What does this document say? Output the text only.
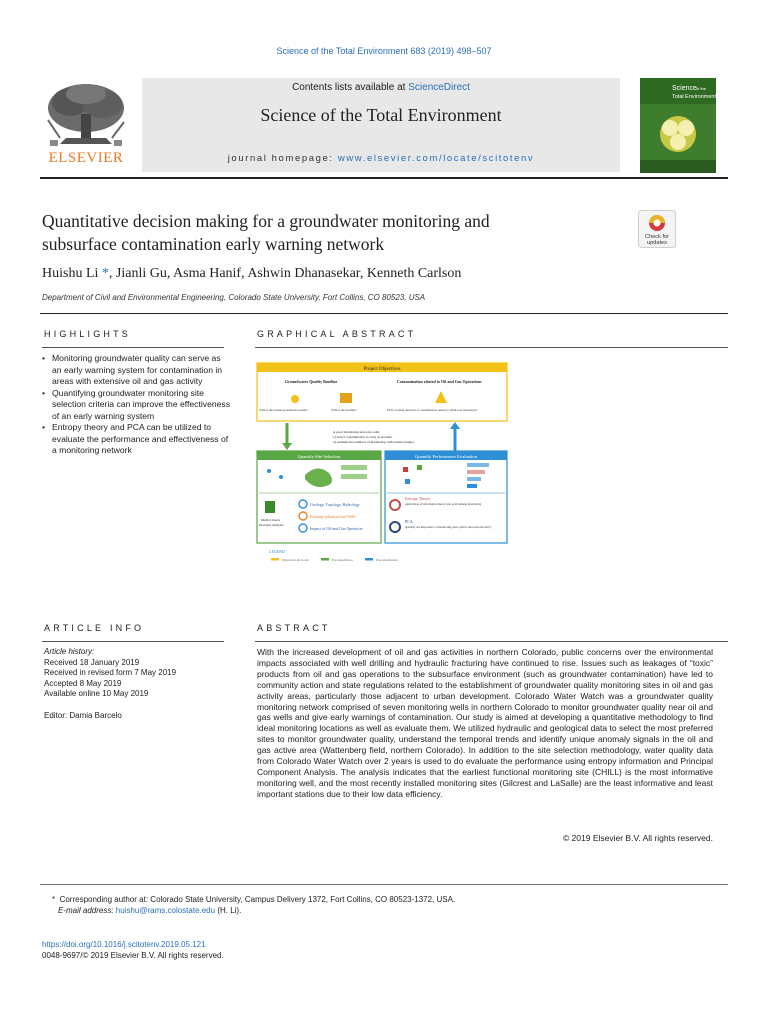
Science of the Total Environment 683 (2019) 498–507
Contents lists available at ScienceDirect
Science of the Total Environment
journal homepage: www.elsevier.com/locate/scitotenv
ELSEVIER
Science of the
Total Environment
Quantitative decision making for a groundwater monitoring and
subsurface contamination early warning network	Check for
updates
Huishu Li *, Jianli Gu, Asma Hanif, Ashwin Dhanasekar, Kenneth Carlson
Department of Civil and Environmental Engineering, Colorado State University, Fort Collins, CO 80523, USA
HIGHLIGHTS
• Monitoring groundwater quality can serve as an early warning system for contamination in areas with extensive oil and gas activity
• Quantifying groundwater monitoring site selection criteria can improve the effectiveness of an early warning system
• Entropy theory and PCA can be utilized to evaluate the performance and effectiveness of a monitoring network
GRAPHICAL ABSTRACT
Project Objectives
Groundwater Quality Baseline	Contamination related to Oil and Gas Operations
What is the normal groundwater quality?	What is the baseline?	Early warning detection of contamination related to Oil & Gas Operations?
A good monitoring network could,
1) detect contamination as early as possible.
2) optimize the numbers of monitoring wells/reduce budget.
Quantify Site Selection
Multi-Criteria
Decision Analysis
Geology, Topology, Hydrology
Existing infrastructure/Wells
Impact of Oil and Gas Operation
Quantify Performance Evaluation
Entropy Theory
Application of information theory into environment monitoring
PCA
Quantify the importance of monitoring sites (which sites perform best?)
LEGEND
Objectives & Goals	Pre-installation	Post-installation
ARTICLE INFO
Article history:
Received 18 January 2019
Received in revised form 7 May 2019
Accepted 8 May 2019
Available online 10 May 2019
Editor: Damia Barcelo
ABSTRACT
With the increased development of oil and gas activities in northern Colorado, public concerns over the environmental impacts associated with well drilling and hydraulic fracturing have continued to rise. Issues such as leakages of “toxic” products from oil and gas operations to the subsurface environment (such as groundwater contamination) have led to community action and state regulations related to the establishment of groundwater quality monitoring sites in oil and gas activity areas, particularly those adjacent to urban development. Colorado Water Watch was a groundwater quality monitoring network comprised of seven monitoring wells in northern Colorado to monitor groundwater quality near oil and gas wells and give early warnings of contamination. Our study is aimed at developing a quantitative methodology to find ideal monitoring locations as well as evaluate them. We utilized hydraulic and geological data to select the most preferred sites to monitor groundwater quality, understand the temporal trends and identify unique anomaly signals in the oil and gas active area (Wattenberg field, northern Colorado). In addition to the site selection methodology, water quality data from Colorado Water Watch over 2 years is used to do evaluate the performance using entropy information and Principal Component Analysis. The analysis indicates that the earliest functional monitoring site (CHILL) is the most informative monitoring well, and the most recently installed monitoring sites (Gilcrest and LaSalle) are the least informative and least important stations due to their low data efficiency.
© 2019 Elsevier B.V. All rights reserved.
* Corresponding author at: Colorado State University, Campus Delivery 1372, Fort Collins, CO 80523-1372, USA.
E-mail address: huishu@rams.colostate.edu (H. Li).
https://doi.org/10.1016/j.scitotenv.2019.05.121
0048-9697/© 2019 Elsevier B.V. All rights reserved.
